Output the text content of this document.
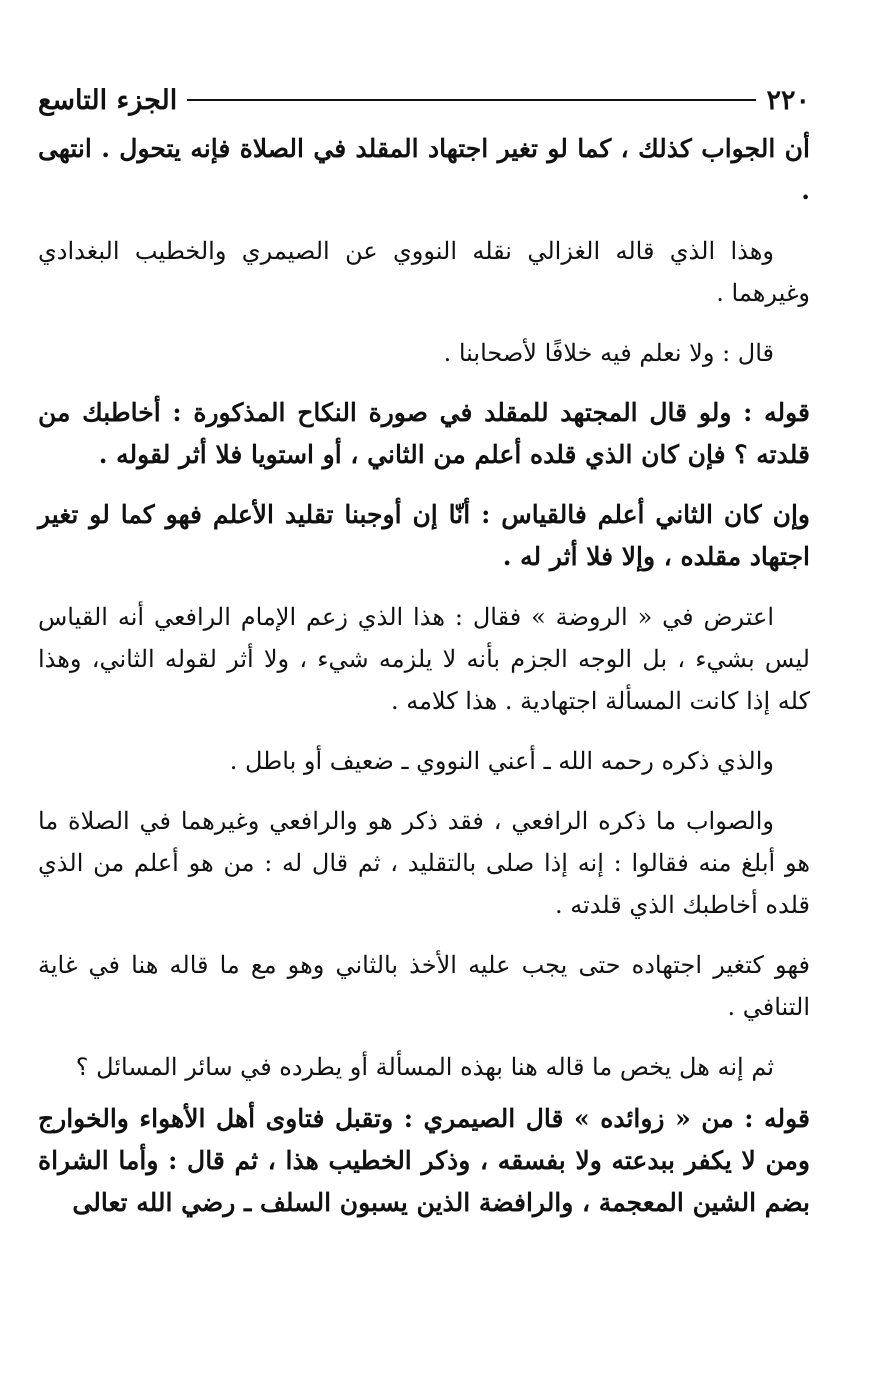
٢٢٠
الجزء التاسع

أن الجواب كذلك ، كما لو تغير اجتهاد المقلد في الصلاة فإنه يتحول . انتهى .

وهذا الذي قاله الغزالي نقله النووي عن الصيمري والخطيب البغدادي وغيرهما .

قال : ولا نعلم فيه خلافًا لأصحابنا .

قوله : ولو قال المجتهد للمقلد في صورة النكاح المذكورة : أخاطبك من قلدته ؟ فإن كان الذي قلده أعلم من الثاني ، أو استويا فلا أثر لقوله .

وإن كان الثاني أعلم فالقياس : أنّا إن أوجبنا تقليد الأعلم فهو كما لو تغير اجتهاد مقلده ، وإلا فلا أثر له .

اعترض في « الروضة » فقال : هذا الذي زعم الإمام الرافعي أنه القياس ليس بشيء ، بل الوجه الجزم بأنه لا يلزمه شيء ، ولا أثر لقوله الثاني، وهذا كله إذا كانت المسألة اجتهادية . هذا كلامه .

والذي ذكره رحمه الله ـ أعني النووي ـ ضعيف أو باطل .

والصواب ما ذكره الرافعي ، فقد ذكر هو والرافعي وغيرهما في الصلاة ما هو أبلغ منه فقالوا : إنه إذا صلى بالتقليد ، ثم قال له : من هو أعلم من الذي قلده أخاطبك الذي قلدته .

فهو كتغير اجتهاده حتى يجب عليه الأخذ بالثاني وهو مع ما قاله هنا في غاية التنافي .

ثم إنه هل يخص ما قاله هنا بهذه المسألة أو يطرده في سائر المسائل ؟

قوله : من « زوائده » قال الصيمري : وتقبل فتاوى أهل الأهواء والخوارج ومن لا يكفر ببدعته ولا بفسقه ، وذكر الخطيب هذا ، ثم قال : وأما الشراة بضم الشين المعجمة ، والرافضة الذين يسبون السلف ـ رضي الله تعالى
